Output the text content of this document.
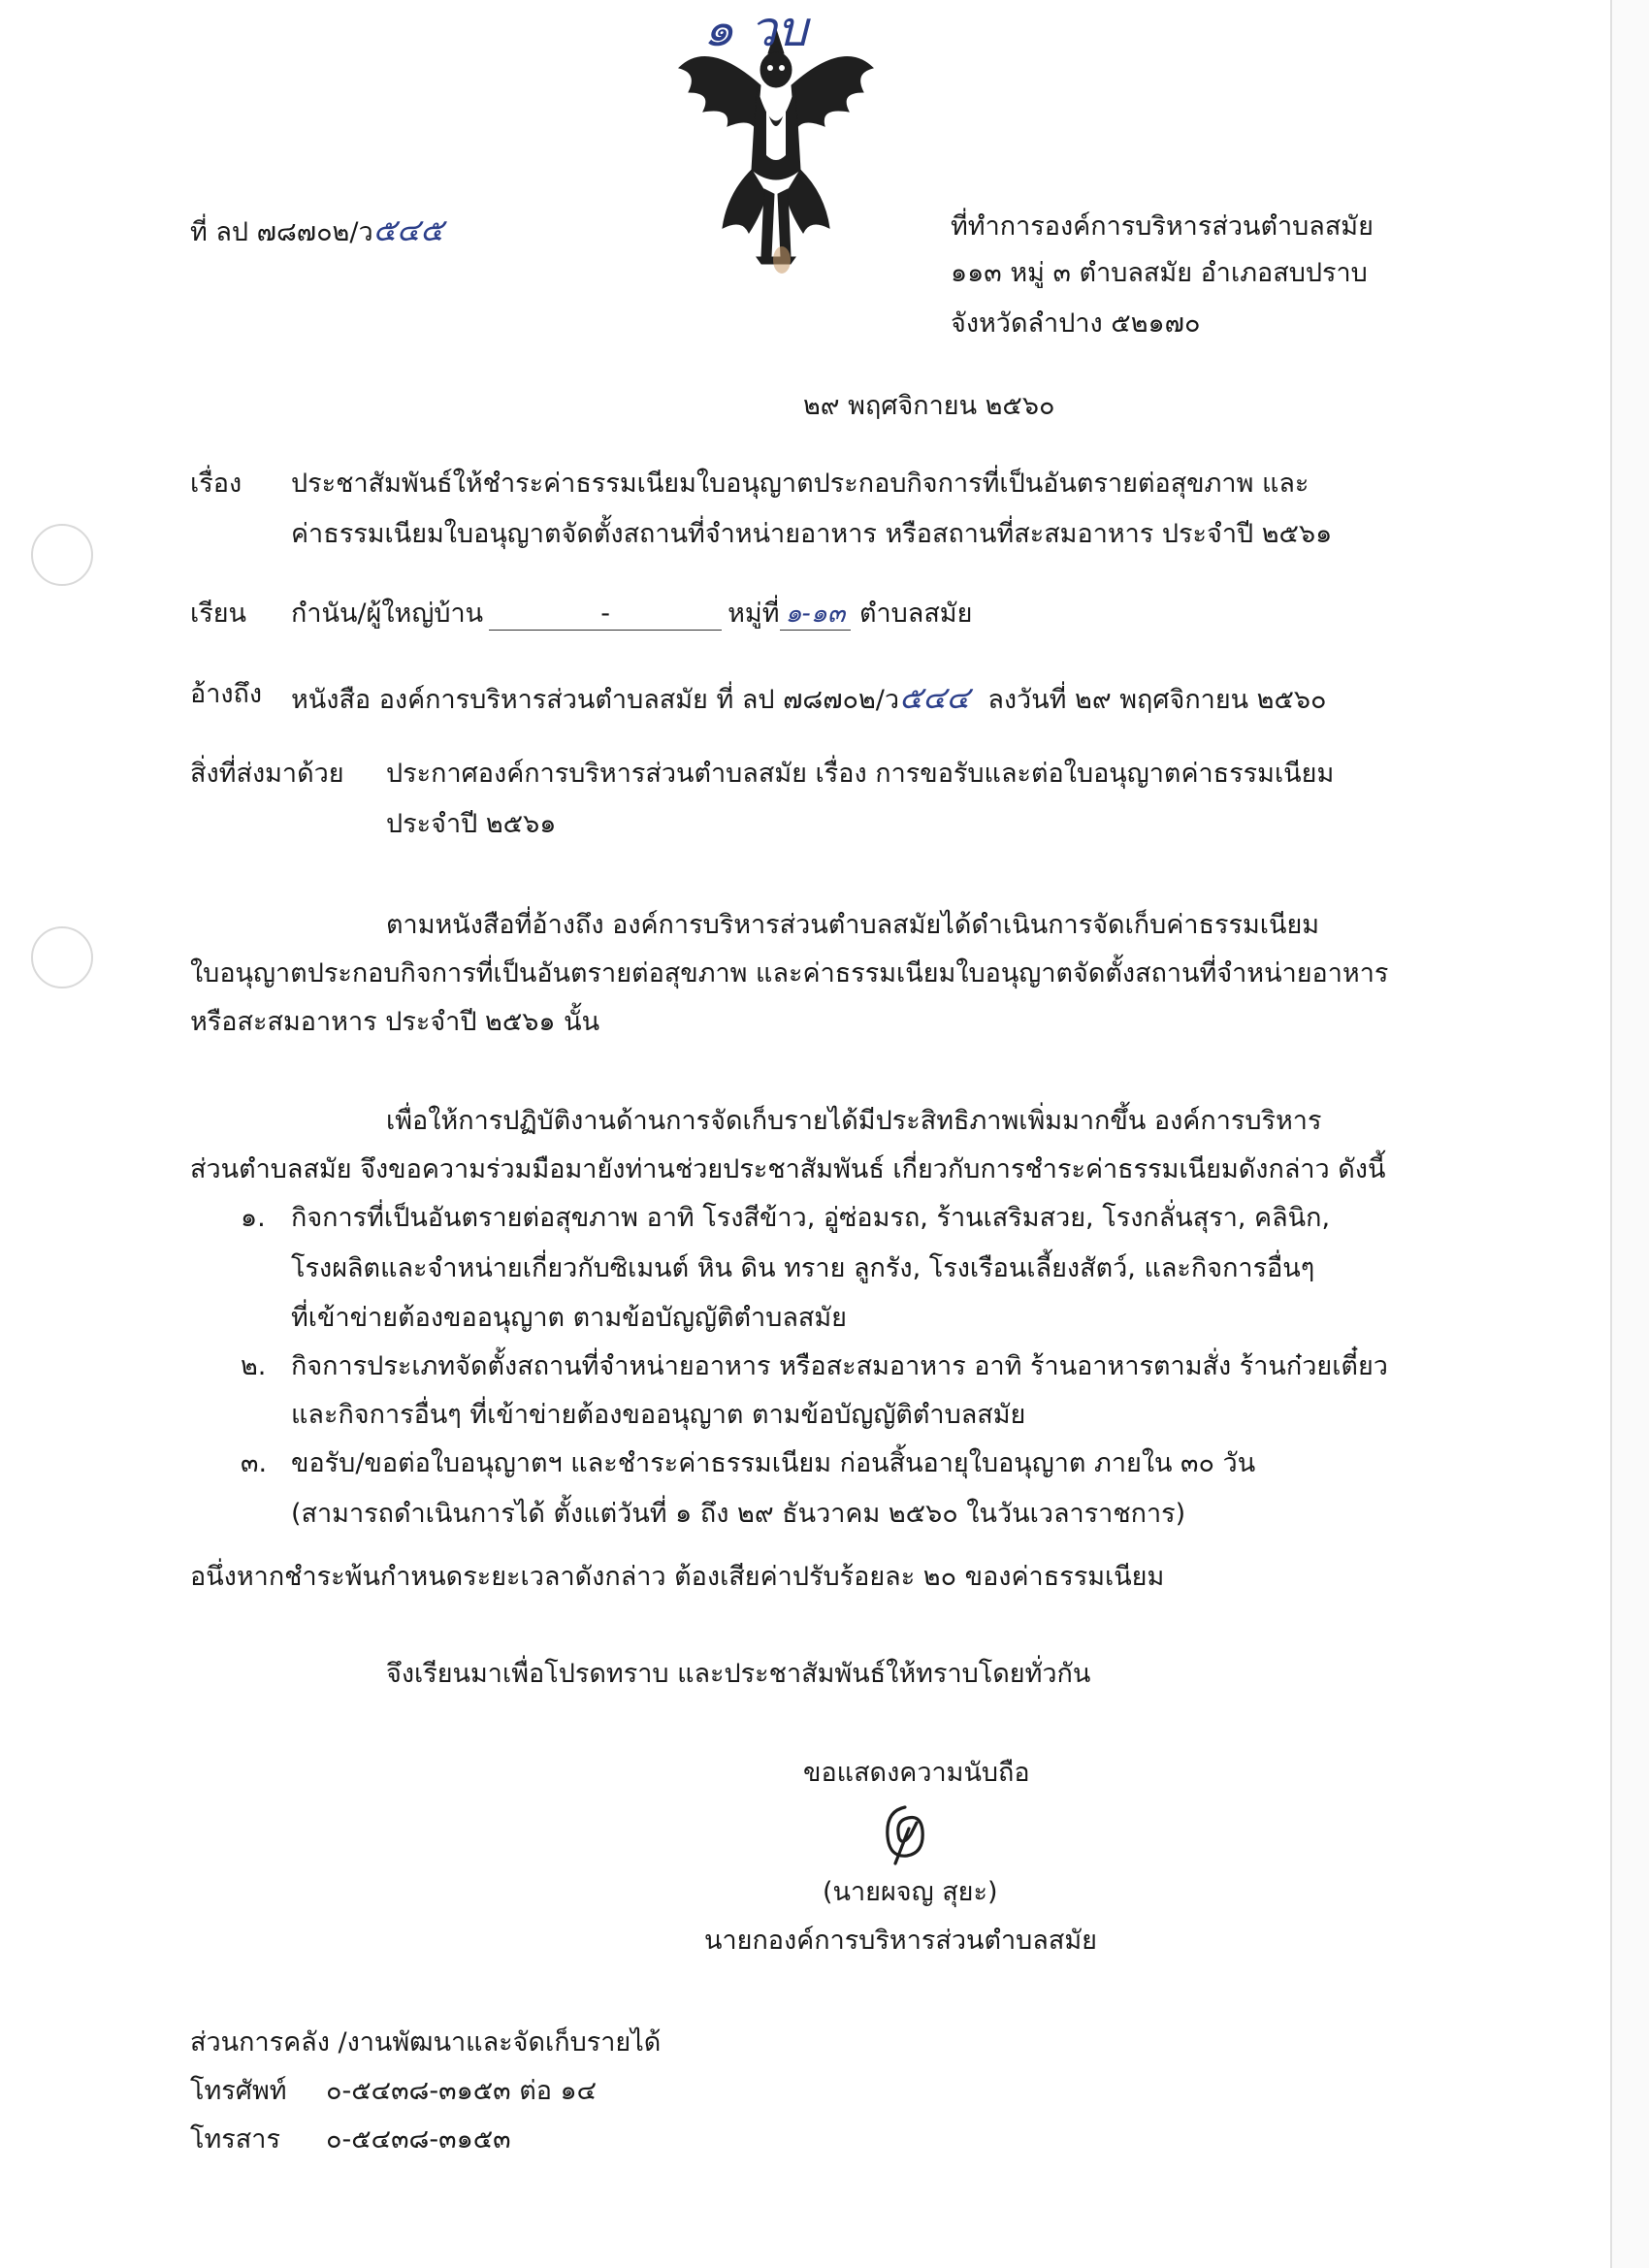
๑ วบ
ที่ ลป ๗๘๗๐๒/ว๕๔๕	ที่ทำการองค์การบริหารส่วนตำบลสมัย
๑๑๓ หมู่ ๓ ตำบลสมัย อำเภอสบปราบ
จังหวัดลำปาง ๕๒๑๗๐
๒๙ พฤศจิกายน ๒๕๖๐
เรื่อง ประชาสัมพันธ์ให้ชำระค่าธรรมเนียมใบอนุญาตประกอบกิจการที่เป็นอันตรายต่อสุขภาพ และ
ค่าธรรมเนียมใบอนุญาตจัดตั้งสถานที่จำหน่ายอาหาร หรือสถานที่สะสมอาหาร ประจำปี ๒๕๖๑
เรียน กำนัน/ผู้ใหญ่บ้าน	-	หมู่ที่ ๑-๑๓ ตำบลสมัย
อ้างถึง หนังสือ องค์การบริหารส่วนตำบลสมัย ที่ ลป ๗๘๗๐๒/ว๕๔๔ ลงวันที่ ๒๙ พฤศจิกายน ๒๕๖๐
สิ่งที่ส่งมาด้วย ประกาศองค์การบริหารส่วนตำบลสมัย เรื่อง การขอรับและต่อใบอนุญาตค่าธรรมเนียม
ประจำปี ๒๕๖๑
ตามหนังสือที่อ้างถึง องค์การบริหารส่วนตำบลสมัยได้ดำเนินการจัดเก็บค่าธรรมเนียม
ใบอนุญาตประกอบกิจการที่เป็นอันตรายต่อสุขภาพ และค่าธรรมเนียมใบอนุญาตจัดตั้งสถานที่จำหน่ายอาหาร
หรือสะสมอาหาร ประจำปี ๒๕๖๑ นั้น
เพื่อให้การปฏิบัติงานด้านการจัดเก็บรายได้มีประสิทธิภาพเพิ่มมากขึ้น องค์การบริหาร
ส่วนตำบลสมัย จึงขอความร่วมมือมายังท่านช่วยประชาสัมพันธ์ เกี่ยวกับการชำระค่าธรรมเนียมดังกล่าว ดังนี้
๑. กิจการที่เป็นอันตรายต่อสุขภาพ อาทิ โรงสีข้าว, อู่ซ่อมรถ, ร้านเสริมสวย, โรงกลั่นสุรา, คลินิก,
โรงผลิตและจำหน่ายเกี่ยวกับซิเมนต์ หิน ดิน ทราย ลูกรัง, โรงเรือนเลี้ยงสัตว์, และกิจการอื่นๆ
ที่เข้าข่ายต้องขออนุญาต ตามข้อบัญญัติตำบลสมัย
๒. กิจการประเภทจัดตั้งสถานที่จำหน่ายอาหาร หรือสะสมอาหาร อาทิ ร้านอาหารตามสั่ง ร้านก๋วยเตี๋ยว
และกิจการอื่นๆ ที่เข้าข่ายต้องขออนุญาต ตามข้อบัญญัติตำบลสมัย
๓. ขอรับ/ขอต่อใบอนุญาตฯ และชำระค่าธรรมเนียม ก่อนสิ้นอายุใบอนุญาต ภายใน ๓๐ วัน
(สามารถดำเนินการได้ ตั้งแต่วันที่ ๑ ถึง ๒๙ ธันวาคม ๒๕๖๐ ในวันเวลาราชการ)
อนึ่งหากชำระพ้นกำหนดระยะเวลาดังกล่าว ต้องเสียค่าปรับร้อยละ ๒๐ ของค่าธรรมเนียม
จึงเรียนมาเพื่อโปรดทราบ และประชาสัมพันธ์ให้ทราบโดยทั่วกัน
ขอแสดงความนับถือ
(นายผจญ สุยะ)
นายกองค์การบริหารส่วนตำบลสมัย
ส่วนการคลัง /งานพัฒนาและจัดเก็บรายได้
โทรศัพท์ ๐-๕๔๓๘-๓๑๕๓ ต่อ ๑๔
โทรสาร ๐-๕๔๓๘-๓๑๕๓
